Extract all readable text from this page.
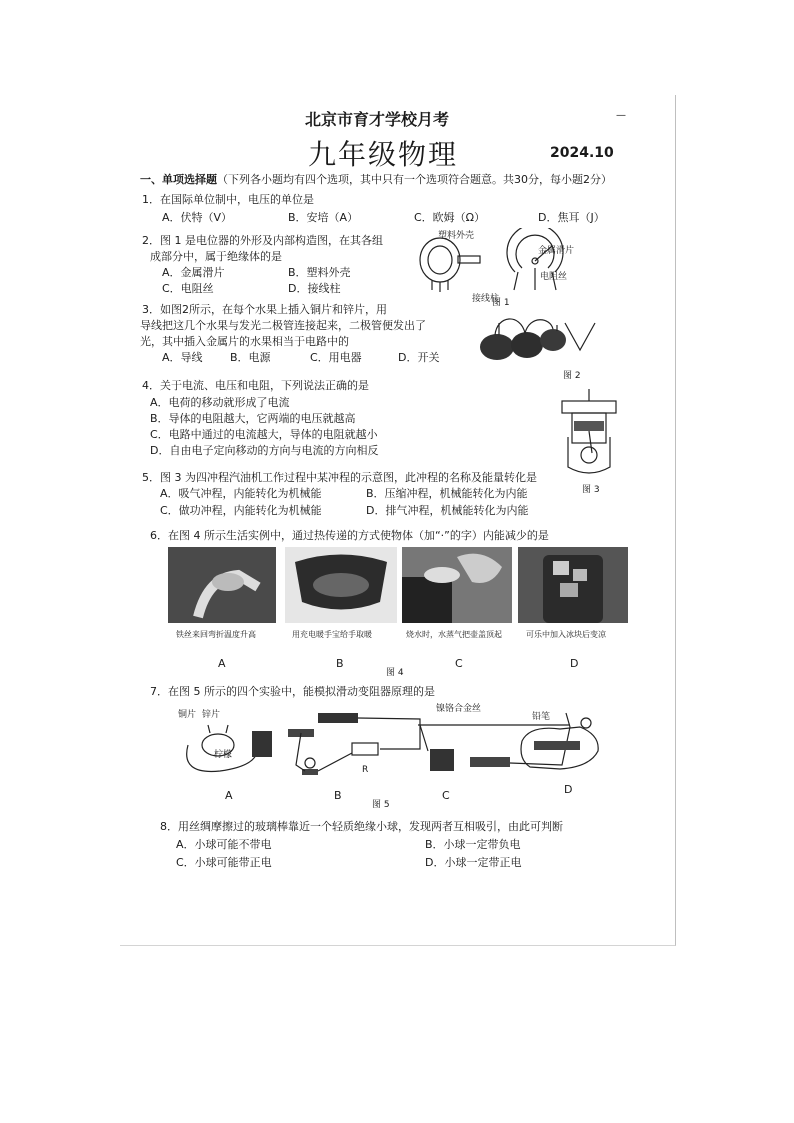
—
北京市育才学校月考
九年级物理	2024.10
一、单项选择题（下列各小题均有四个选项，其中只有一个选项符合题意。共30分，每小题2分）
1．在国际单位制中，电压的单位是
A．伏特（V）	B．安培（A）	C．欧姆（Ω）	D．焦耳（J）
2．图 1 是电位器的外形及内部构造图，在其各组
成部分中，属于绝缘体的是
A．金属滑片	B．塑料外壳
C．电阻丝	D．接线柱
塑料外壳
金属滑片
接线柱
电阻丝
图 1
3．如图2所示，在每个水果上插入铜片和锌片，用
导线把这几个水果与发光二极管连接起来，二极管便发出了
光，其中插入金属片的水果相当于电路中的
A．导线 B．电源	C．用电器	D．开关
图 2
4．关于电流、电压和电阻，下列说法正确的是
A．电荷的移动就形成了电流
B．导体的电阻越大，它两端的电压就越高
C．电路中通过的电流越大，导体的电阻就越小
D．自由电子定向移动的方向与电流的方向相反
5．图 3 为四冲程汽油机工作过程中某冲程的示意图，此冲程的名称及能量转化是
A．吸气冲程，内能转化为机械能	B．压缩冲程，机械能转化为内能
C．做功冲程，内能转化为机械能	D．排气冲程，机械能转化为内能
图 3
6．在图 4 所示生活实例中，通过热传递的方式使物体（加“·”的字）内能减少的是
铁丝来回弯折温度升高	用充电暖手宝给手取暖	烧水时，水蒸气把壶盖顶起	可乐中加入冰块后变凉
A	B	C	D
图 4
7．在图 5 所示的四个实验中，能模拟滑动变阻器原理的是
铜片 锌片
柠檬
R
镍铬合金丝
铅笔
A	B	C	D
图 5
8．用丝绸摩擦过的玻璃棒靠近一个轻质绝缘小球，发现两者互相吸引，由此可判断
A．小球可能不带电	B．小球一定带负电
C．小球可能带正电	D．小球一定带正电
